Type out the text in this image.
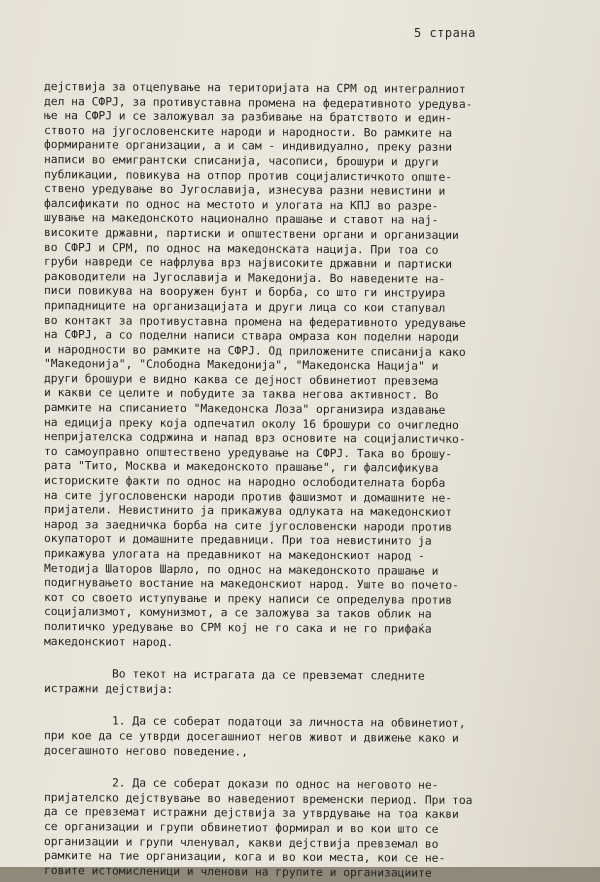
5 страна
дејствија за отцепување на територијата на СРМ од интегралниот
дел на СФРЈ, за противуставна промена на федеративното уредува-
ње на СФРЈ и се заложувал за разбивање на братството и един-
ството на југословенските народи и народности. Во рамките на
формираните организации, а и сам - индивидуално, преку разни
написи во емигрантски списанија, часописи, брошури и други
публикации, повикува на отпор против социјалистичкото опште-
ствено уредување во Југославија, изнесува разни невистини и
фалсификати по однос на местото и улогата на КПЈ во разре-
шување на македонското национално прашање и ставот на нај-
високите државни, партиски и општествени органи и организации
во СФРЈ и СРМ, по однос на македонската нација. При тоа со
груби навреди се нафрлува врз највисоките државни и партиски
раководители на Југославија и Македонија. Во наведените на-
писи повикува на вооружен бунт и борба, со што ги инструира
припадниците на организацијата и други лица со кои стапувал
во контакт за противуставна промена на федеративното уредување
на СФРЈ, а со поделни написи ствара омраза кон поделни народи
и народности во рамките на СФРЈ. Од приложените списанија како
"Македонија", "Слободна Македонија", "Македонска Нација" и
други брошури е видно каква се дејност обвинетиот превзема
и какви се целите и побудите за таква негова активност. Во
рамките на списанието "Македонска Лоза" организира издавање
на едиција преку која одпечатил околу 16 брошури со очигледно
непријателска содржина и напад врз основите на социјалистичко-
то самоуправно општествено уредување на СФРЈ. Така во брошу-
рата "Тито, Москва и македонското прашање", ги фалсификува
историските факти по однос на народно ослободителната борба
на сите југословенски народи против фашизмот и домашните не-
пријатели. Невистинито ја прикажува одлуката на македонскиот
народ за заедничка борба на сите југословенски народи против
окупаторот и домашните предавници. При тоа невистинито ја
прикажува улогата на предавникот на македонскиот народ -
Методија Шаторов Шарло, по однос на македонското прашање и
подигнувањето востание на македонскиот народ. Уште во почето-
кот со своето иступување и преку написи се определува против
социјализмот, комунизмот, а се заложува за таков облик на
политичко уредување во СРМ кој не го сака и не го прифаќа
македонскиот народ.
Во текот на истрагата да се превземат следните
истражни дејствија:
1. Да се соберат податоци за личноста на обвинетиот,
при кое да се утврди досегашниот негов живот и движење како и
досегашното негово поведение.,
2. Да се соберат докази по однос на неговото не-
пријателско дејствување во наведениот временски период. При тоа
да се превземат истражни дејствија за утврдување на тоа какви
се организации и групи обвинетиот формирал и во кои што се
организации и групи членувал, какви дејствија превземал во
рамките на тие организации, кога и во кои места, кои се не-
говите истомисленици и членови на групите и организациите
